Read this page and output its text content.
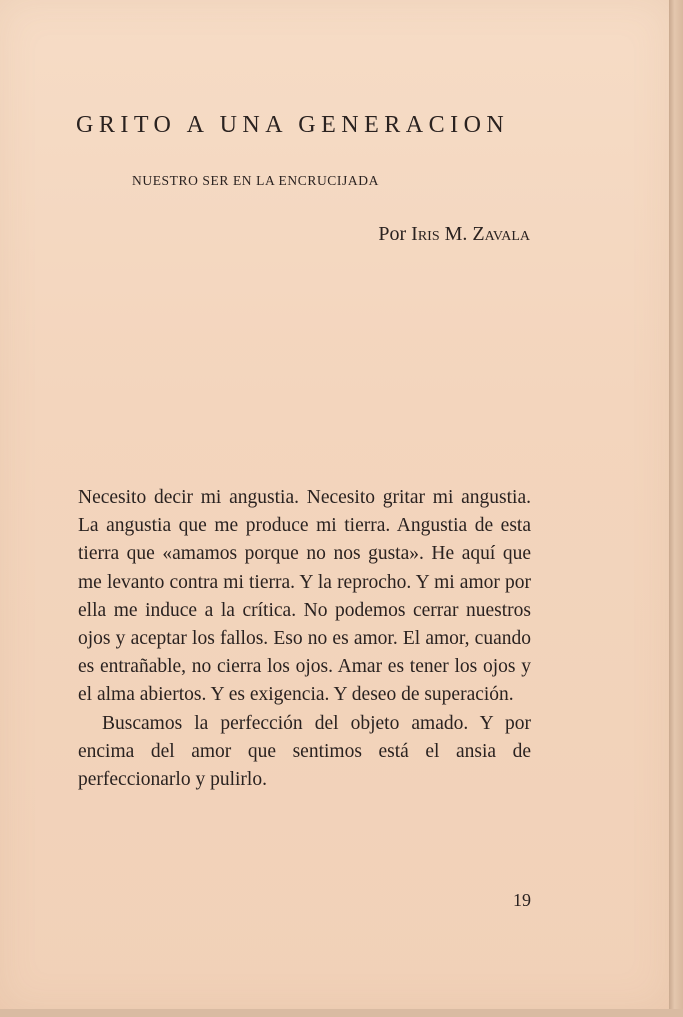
GRITO A UNA GENERACION
NUESTRO SER EN LA ENCRUCIJADA

Por Iris M. Zavala

Necesito decir mi angustia. Necesito gritar mi angustia. La angustia que me produce mi tierra. Angustia de esta tierra que «amamos porque no nos gusta». He aquí que me levanto contra mi tierra. Y la reprocho. Y mi amor por ella me induce a la crítica. No podemos cerrar nuestros ojos y aceptar los fallos. Eso no es amor. El amor, cuando es entrañable, no cierra los ojos. Amar es tener los ojos y el alma abiertos. Y es exigencia. Y deseo de superación.

Buscamos la perfección del objeto amado. Y por encima del amor que sentimos está el ansia de perfeccionarlo y pulirlo.

19
